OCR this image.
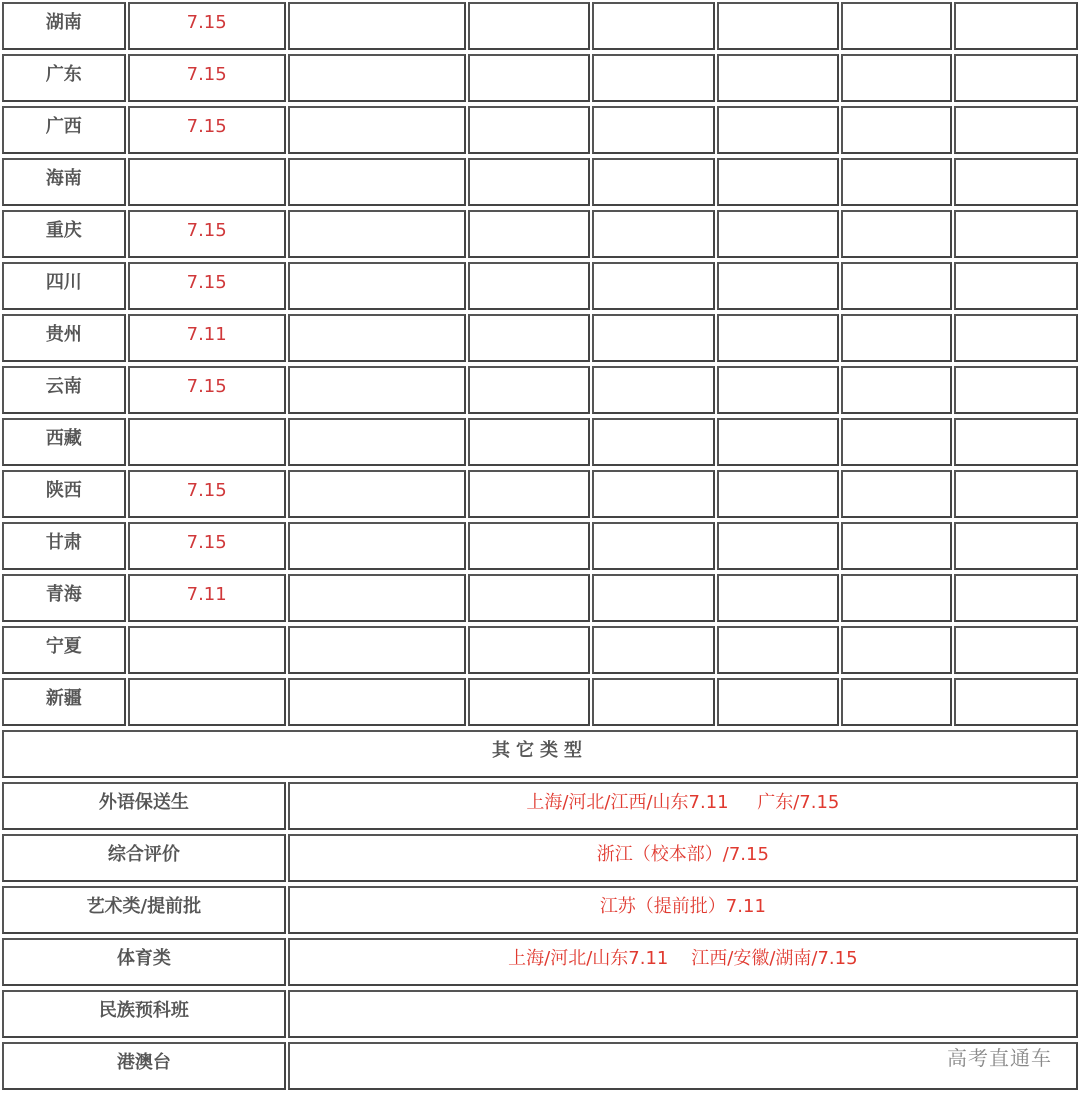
湖南	7.15						
广东	7.15						
广西	7.15						
海南							
重庆	7.15						
四川	7.15						
贵州	7.11						
云南	7.15						
西藏							
陕西	7.15						
甘肃	7.15						
青海	7.11						
宁夏							
新疆							
其它类型							
外语保送生		上海/河北/江西/山东7.11     广东/7.15					
综合评价		浙江（校本部）/7.15					
艺术类/提前批		江苏（提前批）7.11					
体育类		上海/河北/山东7.11    江西/安徽/湖南/7.15					
民族预科班							
港澳台								高考直通车
